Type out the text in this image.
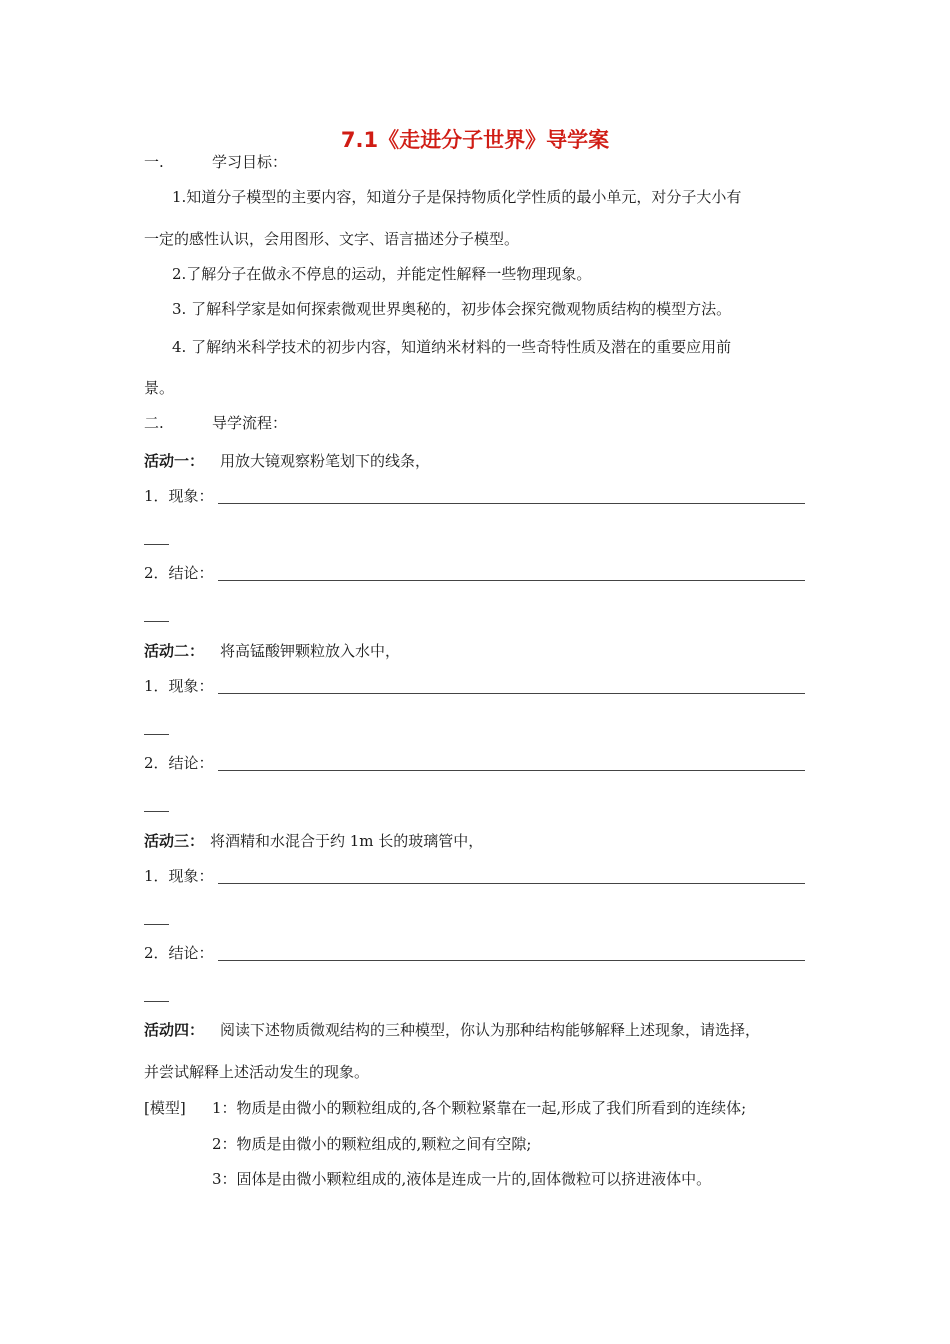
7.1《走进分子世界》导学案
一.	学习目标：
1.知道分子模型的主要内容，知道分子是保持物质化学性质的最小单元，对分子大小有
一定的感性认识，会用图形、文字、语言描述分子模型。
2.了解分子在做永不停息的运动，并能定性解释一些物理现象。
3. 了解科学家是如何探索微观世界奥秘的，初步体会探究微观物质结构的模型方法。
4. 了解纳米科学技术的初步内容，知道纳米材料的一些奇特性质及潜在的重要应用前
景。
二.	导学流程：
活动一： 用放大镜观察粉笔划下的线条，
1．现象：
2．结论：
活动二： 将高锰酸钾颗粒放入水中，
1．现象：
2．结论：
活动三： 将酒精和水混合于约 1m 长的玻璃管中，
1．现象：
2．结论：
活动四： 阅读下述物质微观结构的三种模型，你认为那种结构能够解释上述现象，请选择，
并尝试解释上述活动发生的现象。
[模型] 1：物质是由微小的颗粒组成的,各个颗粒紧靠在一起,形成了我们所看到的连续体;
2：物质是由微小的颗粒组成的,颗粒之间有空隙;
3：固体是由微小颗粒组成的,液体是连成一片的,固体微粒可以挤进液体中。
